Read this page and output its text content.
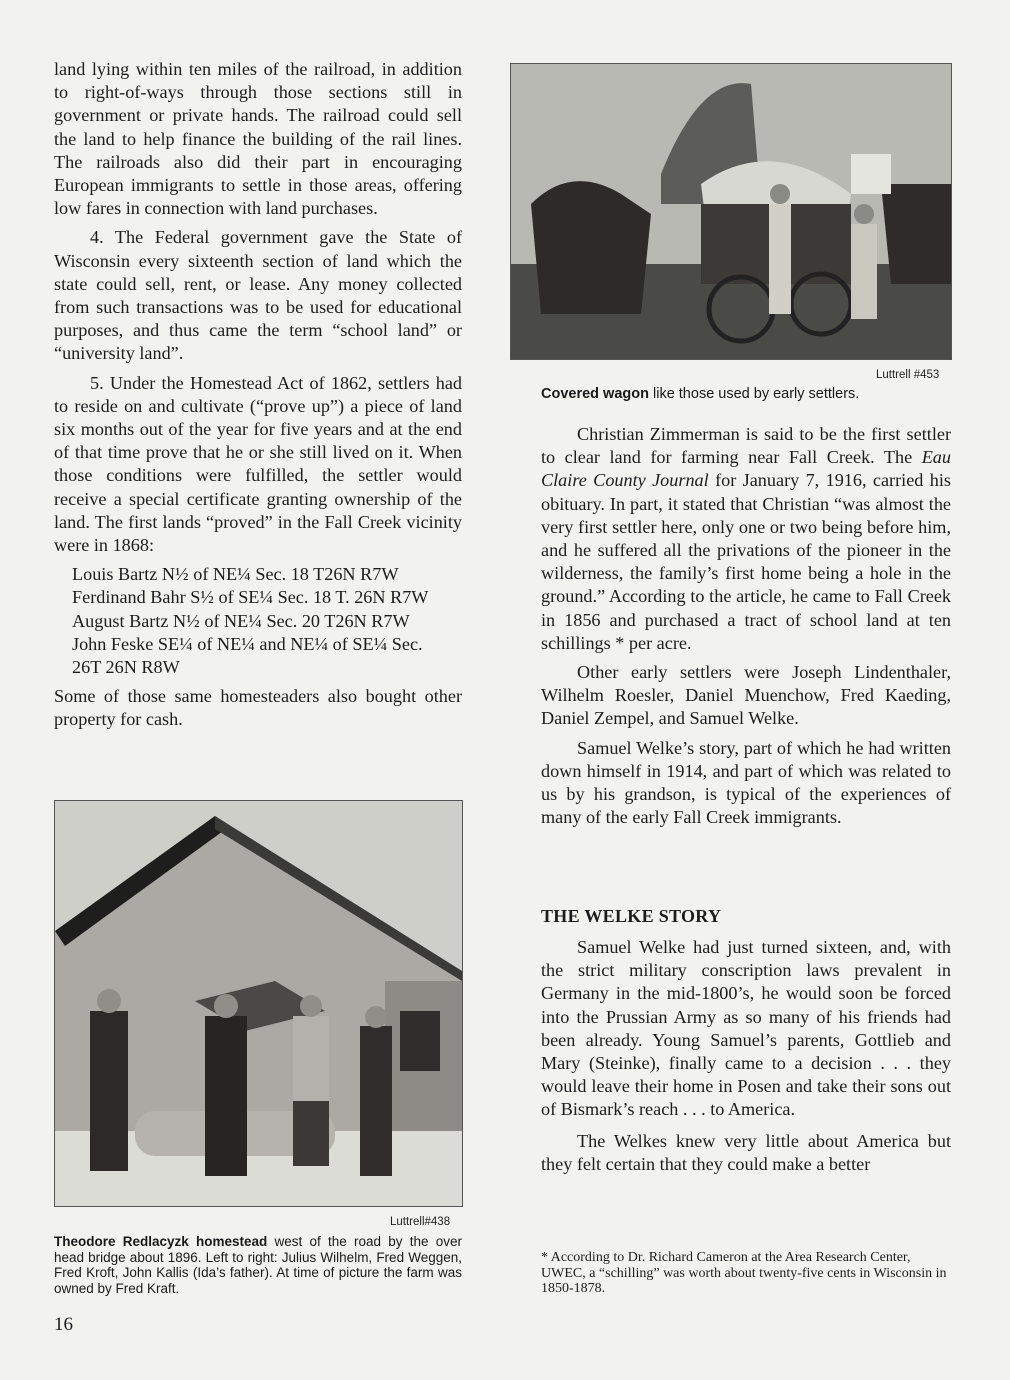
land lying within ten miles of the railroad, in addition to right-of-ways through those sections still in government or private hands. The railroad could sell the land to help finance the building of the rail lines. The railroads also did their part in encouraging European immigrants to settle in those areas, offering low fares in connection with land purchases.

4. The Federal government gave the State of Wisconsin every sixteenth section of land which the state could sell, rent, or lease. Any money collected from such transactions was to be used for educational purposes, and thus came the term “school land” or “university land”.

5. Under the Homestead Act of 1862, settlers had to reside on and cultivate (“prove up”) a piece of land six months out of the year for five years and at the end of that time prove that he or she still lived on it. When those conditions were fulfilled, the settler would receive a special certificate granting ownership of the land. The first lands “proved” in the Fall Creek vicinity were in 1868:

Louis Bartz N½ of NE¼ Sec. 18 T26N R7W
Ferdinand Bahr S½ of SE¼ Sec. 18 T. 26N R7W
August Bartz N½ of NE¼ Sec. 20 T26N R7W
John Feske SE¼ of NE¼ and NE¼ of SE¼ Sec.
26T 26N R8W

Some of those same homesteaders also bought other property for cash.

Luttrell #453
Covered wagon like those used by early settlers.

Christian Zimmerman is said to be the first settler to clear land for farming near Fall Creek. The Eau Claire County Journal for January 7, 1916, carried his obituary. In part, it stated that Christian “was almost the very first settler here, only one or two being before him, and he suffered all the privations of the pioneer in the wilderness, the family’s first home being a hole in the ground.” According to the article, he came to Fall Creek in 1856 and purchased a tract of school land at ten schillings * per acre.

Other early settlers were Joseph Lindenthaler, Wilhelm Roesler, Daniel Muenchow, Fred Kaeding, Daniel Zempel, and Samuel Welke.

Samuel Welke’s story, part of which he had written down himself in 1914, and part of which was related to us by his grandson, is typical of the experiences of many of the early Fall Creek immigrants.

THE WELKE STORY

Samuel Welke had just turned sixteen, and, with the strict military conscription laws prevalent in Germany in the mid-1800’s, he would soon be forced into the Prussian Army as so many of his friends had been already. Young Samuel’s parents, Gottlieb and Mary (Steinke), finally came to a decision . . . they would leave their home in Posen and take their sons out of Bismark’s reach . . . to America.

The Welkes knew very little about America but they felt certain that they could make a better

Luttrell#438
Theodore Redlacyzk homestead west of the road by the over head bridge about 1896. Left to right: Julius Wilhelm, Fred Weggen, Fred Kroft, John Kallis (Ida’s father). At time of picture the farm was owned by Fred Kraft.
* According to Dr. Richard Cameron at the Area Research Center, UWEC, a “schilling” was worth about twenty-five cents in Wisconsin in 1850-1878.
16
